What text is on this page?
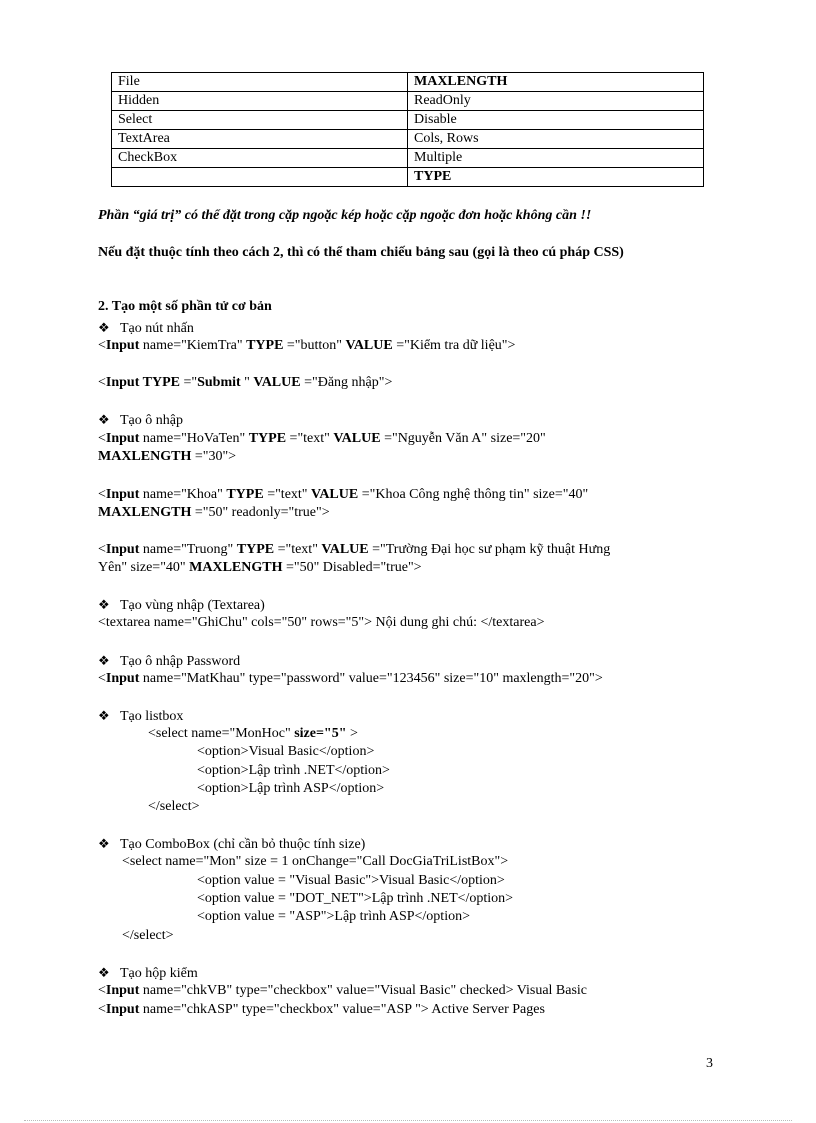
File	MAXLENGTH
Hidden	ReadOnly
Select	Disable
TextArea	Cols, Rows
CheckBox	Multiple
	TYPE
Phần “giá trị” có thể đặt trong cặp ngoặc kép hoặc cặp ngoặc đơn hoặc không cần !!
Nếu đặt thuộc tính theo cách 2, thì có thể tham chiếu bảng sau (gọi là theo cú pháp CSS)
2. Tạo một số phần tử cơ bản
❖ Tạo nút nhấn
<Input name="KiemTra" TYPE ="button" VALUE ="Kiểm tra dữ liệu">
<Input TYPE ="Submit " VALUE ="Đăng nhập">
❖ Tạo ô nhập
<Input name="HoVaTen" TYPE ="text" VALUE ="Nguyễn Văn A" size="20"
MAXLENGTH ="30">
<Input name="Khoa" TYPE ="text" VALUE ="Khoa Công nghệ thông tin" size="40"
MAXLENGTH ="50" readonly="true">
<Input name="Truong" TYPE ="text" VALUE ="Trường Đại học sư phạm kỹ thuật Hưng
Yên" size="40" MAXLENGTH ="50" Disabled="true">
❖ Tạo vùng nhập (Textarea)
<textarea name="GhiChu" cols="50" rows="5"> Nội dung ghi chú: </textarea>
❖ Tạo ô nhập Password
<Input name="MatKhau" type="password" value="123456" size="10" maxlength="20">
❖ Tạo listbox
<select name="MonHoc" size="5" >
<option>Visual Basic</option>
<option>Lập trình .NET</option>
<option>Lập trình ASP</option>
</select>
❖ Tạo ComboBox (chỉ cần bỏ thuộc tính size)
<select name="Mon" size = 1 onChange="Call DocGiaTriListBox">
<option value = "Visual Basic">Visual Basic</option>
<option value = "DOT_NET">Lập trình .NET</option>
<option value = "ASP">Lập trình ASP</option>
</select>
❖ Tạo hộp kiểm
<Input name="chkVB" type="checkbox" value="Visual Basic" checked> Visual Basic
<Input name="chkASP" type="checkbox" value="ASP "> Active Server Pages
3
